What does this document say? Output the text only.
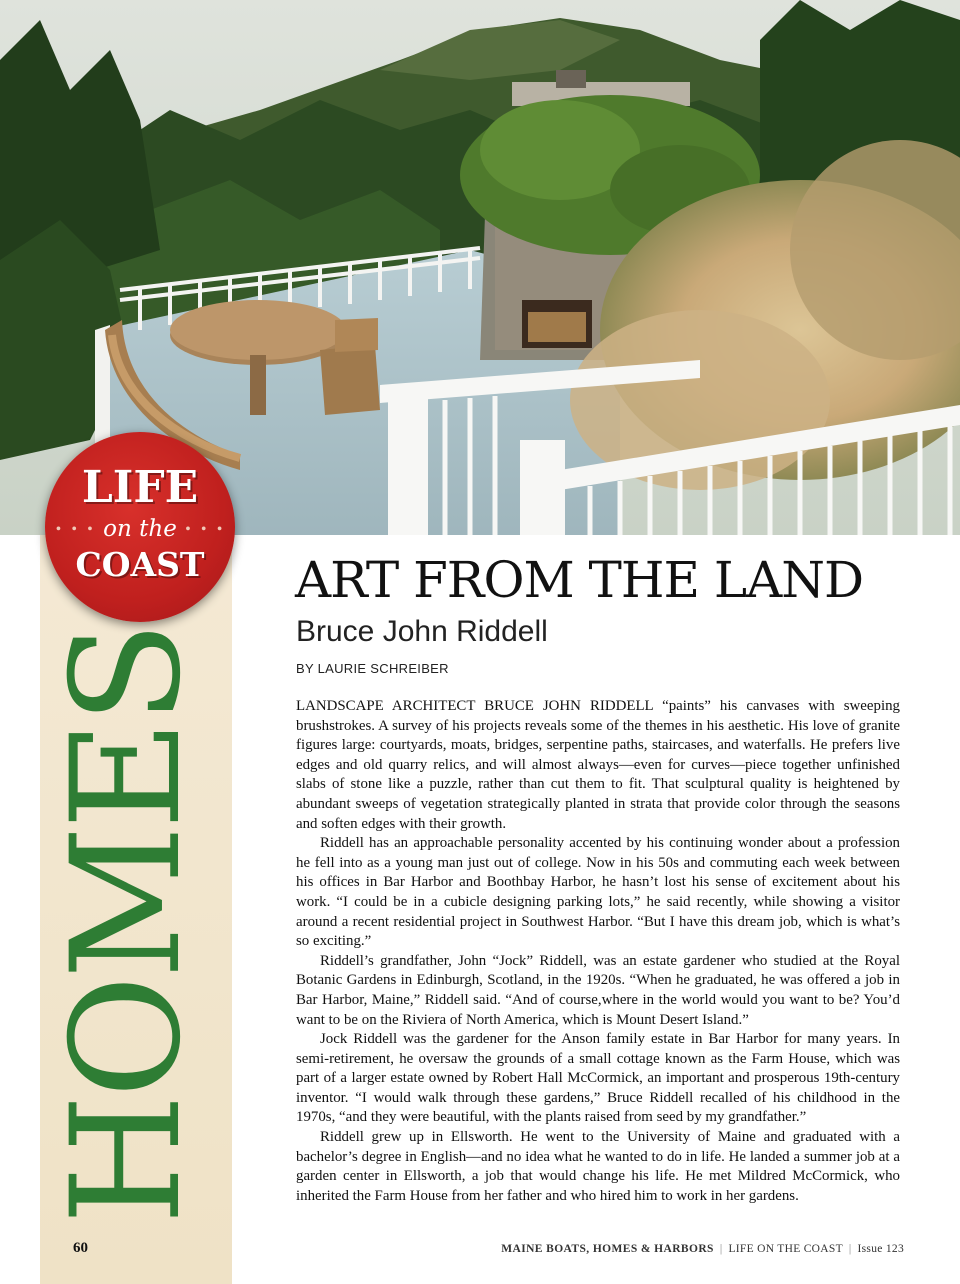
HOMES
LIFE
• • • on the • • •
COAST	ART FROM THE LAND
Bruce John Riddell
BY LAURIE SCHREIBER

LANDSCAPE ARCHITECT BRUCE JOHN RIDDELL “paints” his canvases with sweeping brushstrokes. A survey of his projects reveals some of the themes in his aesthetic. His love of granite figures large: courtyards, moats, bridges, serpentine paths, staircases, and waterfalls. He prefers live edges and old quarry relics, and will almost always—even for curves—piece together unfinished slabs of stone like a puzzle, rather than cut them to fit. That sculptural quality is heightened by abundant sweeps of vegetation strategically planted in strata that provide color through the seasons and soften edges with their growth.

Riddell has an approachable personality accented by his continuing wonder about a profession he fell into as a young man just out of college. Now in his 50s and commuting each week between his offices in Bar Harbor and Boothbay Harbor, he hasn’t lost his sense of excitement about his work. “I could be in a cubicle designing parking lots,” he said recently, while showing a visitor around a recent residential project in Southwest Harbor. “But I have this dream job, which is what’s so exciting.”

Riddell’s grandfather, John “Jock” Riddell, was an estate gardener who studied at the Royal Botanic Gardens in Edinburgh, Scotland, in the 1920s. “When he graduated, he was offered a job in Bar Harbor, Maine,” Riddell said. “And of course,where in the world would you want to be? You’d want to be on the Riviera of North America, which is Mount Desert Island.”

Jock Riddell was the gardener for the Anson family estate in Bar Harbor for many years. In semi-retirement, he oversaw the grounds of a small cottage known as the Farm House, which was part of a larger estate owned by Robert Hall McCormick, an important and prosperous 19th-century inventor. “I would walk through these gardens,” Bruce Riddell recalled of his childhood in the 1970s, “and they were beautiful, with the plants raised from seed by my grandfather.”

Riddell grew up in Ellsworth. He went to the University of Maine and graduated with a bachelor’s degree in English—and no idea what he wanted to do in life. He landed a summer job at a garden center in Ellsworth, a job that would change his life. He met Mildred McCormick, who inherited the Farm House from her father and who hired him to work in her gardens.

60	MAINE BOATS, HOMES & HARBORS | LIFE ON THE COAST | Issue 123
